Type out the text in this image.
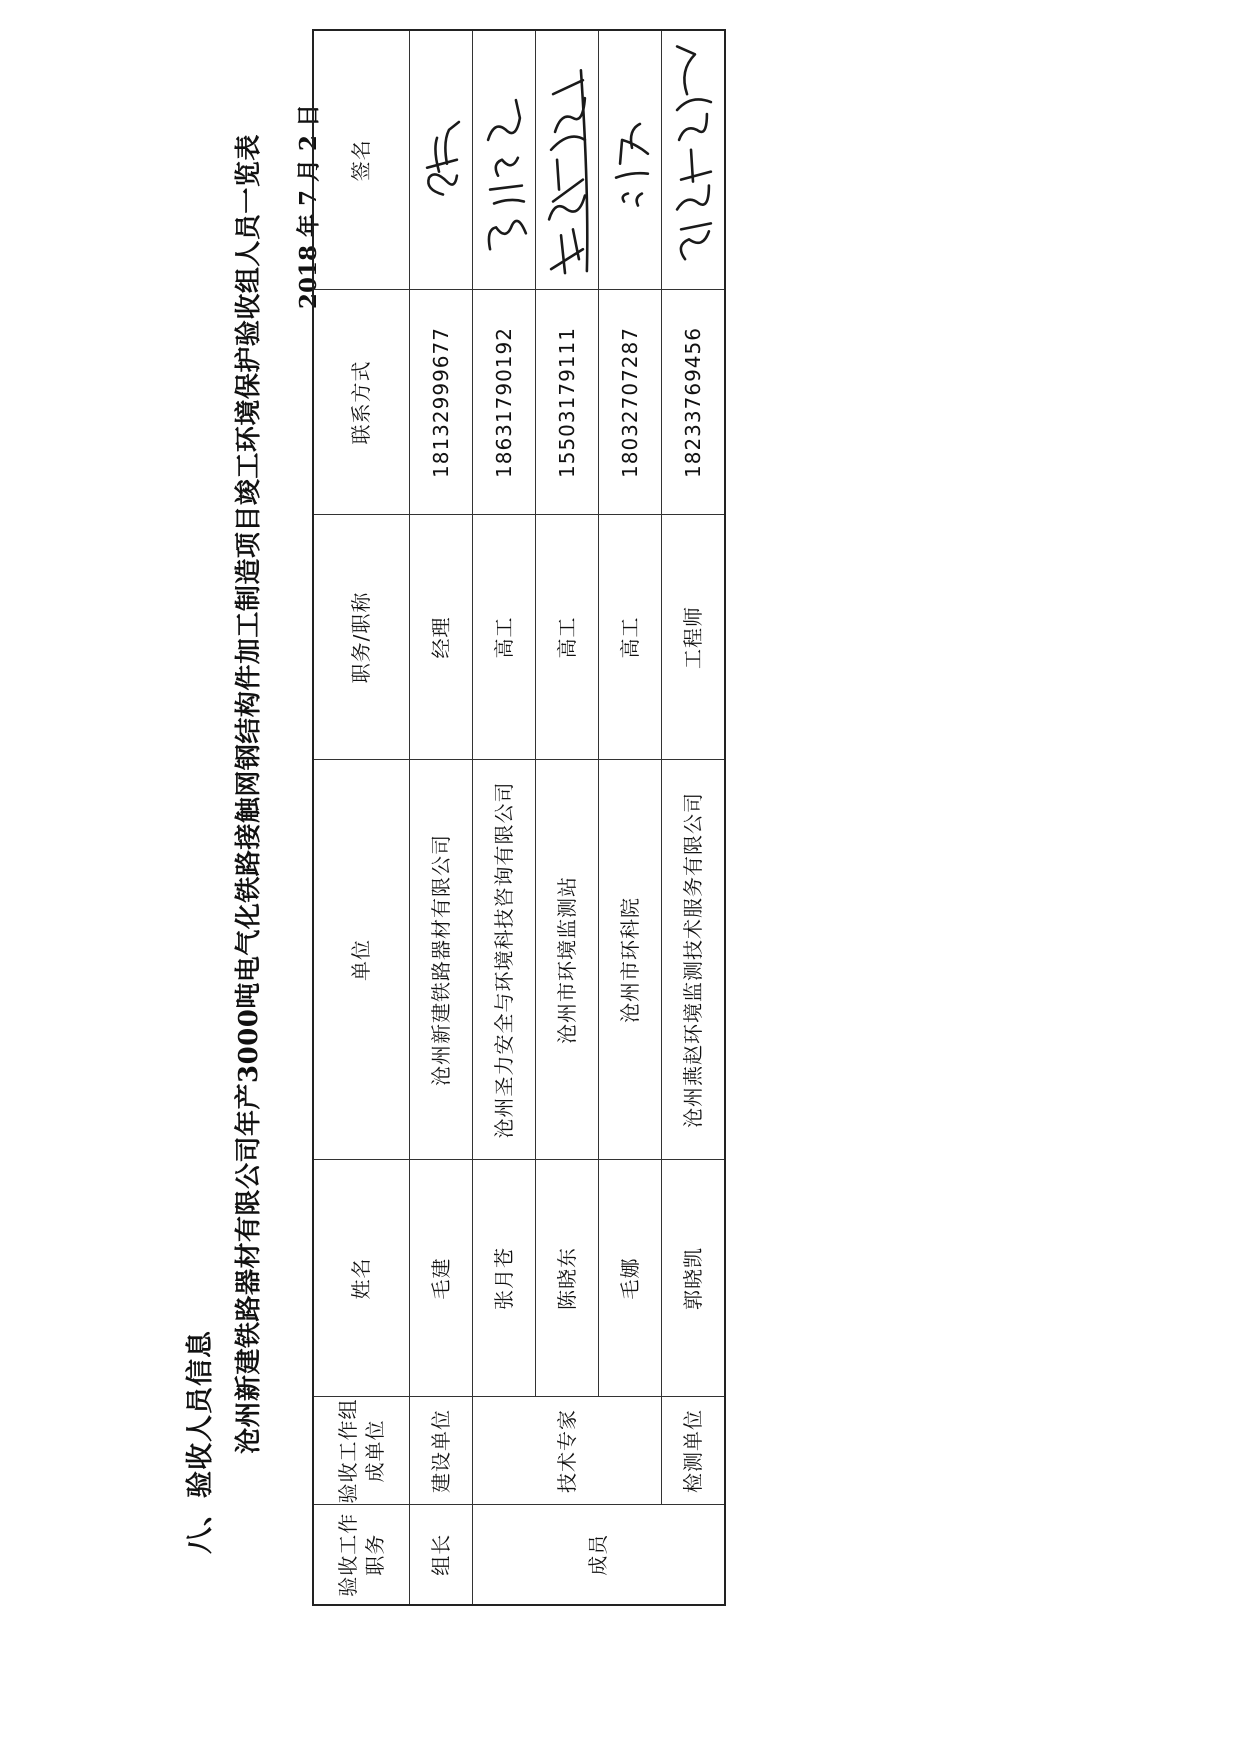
八、验收人员信息 沧州新建铁路器材有限公司年产3000吨电气化铁路接触网钢结构件加工制造项目竣工环境保护验收组人员一览表 2018 年 7 月 2 日
验收工作职务	验收工作组成单位	姓名	单位	职务/职称	联系方式	签名
组长	建设单位	毛建	沧州新建铁路器材有限公司	经理	18132999677	

成员	技术专家	张月苍	沧州圣力安全与环境科技咨询有限公司	高工	18631790192	

		陈晓东	沧州市环境监测站	高工	15503179111	

		毛娜	沧州市环科院	高工	18032707287	

	检测单位	郭晓凯	沧州燕赵环境监测技术服务有限公司	工程师	18233769456	
